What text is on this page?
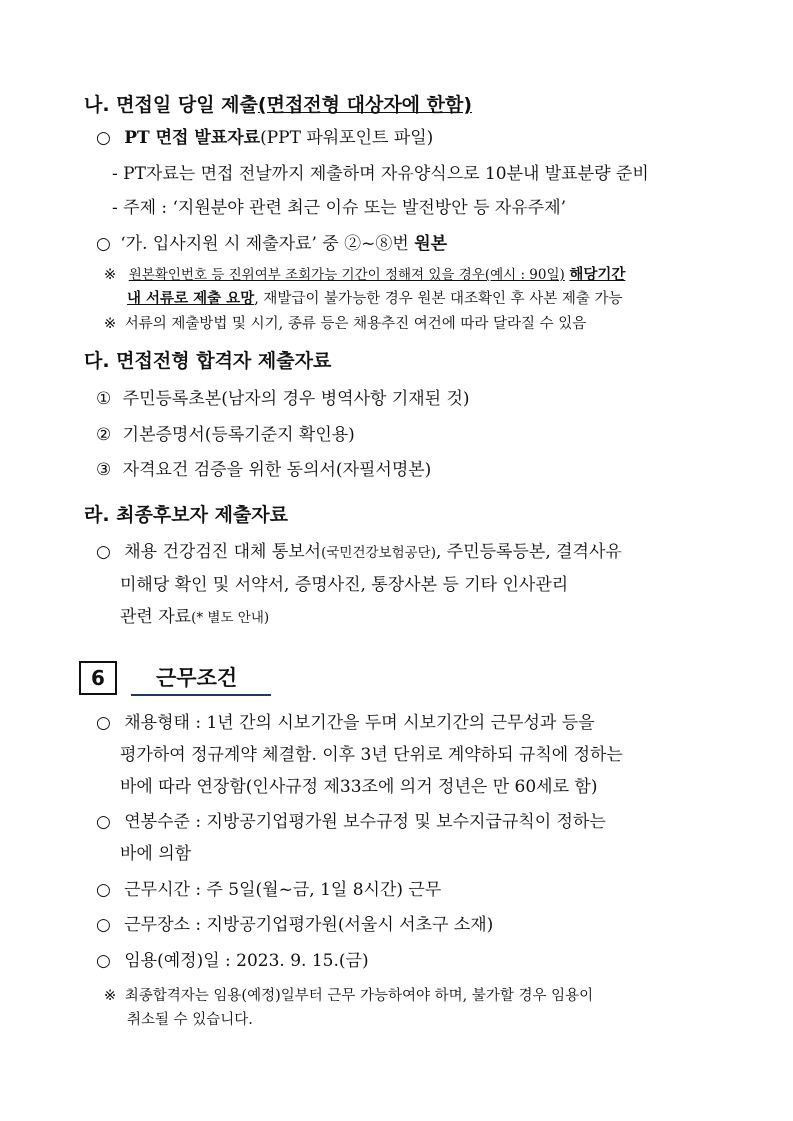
나. 면접일 당일 제출(면접전형 대상자에 한함)
○ PT 면접 발표자료(PPT 파워포인트 파일)
- PT자료는 면접 전날까지 제출하며 자유양식으로 10분내 발표분량 준비
- 주제 : ‘지원분야 관련 최근 이슈 또는 발전방안 등 자유주제’
○ ‘가. 입사지원 시 제출자료’ 중 ②~⑧번 원본
※ 원본확인번호 등 진위여부 조회가능 기간이 정해져 있을 경우(예시 : 90일) 해당기간
내 서류로 제출 요망, 재발급이 불가능한 경우 원본 대조확인 후 사본 제출 가능
※ 서류의 제출방법 및 시기, 종류 등은 채용추진 여건에 따라 달라질 수 있음
다. 면접전형 합격자 제출자료
① 주민등록초본(남자의 경우 병역사항 기재된 것)
② 기본증명서(등록기준지 확인용)
③ 자격요건 검증을 위한 동의서(자필서명본)
라. 최종후보자 제출자료
○ 채용 건강검진 대체 통보서(국민건강보험공단), 주민등록등본, 결격사유
미해당 확인 및 서약서, 증명사진, 통장사본 등 기타 인사관리
관련 자료(* 별도 안내)
6	근무조건
○ 채용형태 : 1년 간의 시보기간을 두며 시보기간의 근무성과 등을
평가하여 정규계약 체결함. 이후 3년 단위로 계약하되 규칙에 정하는
바에 따라 연장함(인사규정 제33조에 의거 정년은 만 60세로 함)
○ 연봉수준 : 지방공기업평가원 보수규정 및 보수지급규칙이 정하는
바에 의함
○ 근무시간 : 주 5일(월~금, 1일 8시간) 근무
○ 근무장소 : 지방공기업평가원(서울시 서초구 소재)
○ 임용(예정)일 : 2023. 9. 15.(금)
※ 최종합격자는 임용(예정)일부터 근무 가능하여야 하며, 불가할 경우 임용이
취소될 수 있습니다.
